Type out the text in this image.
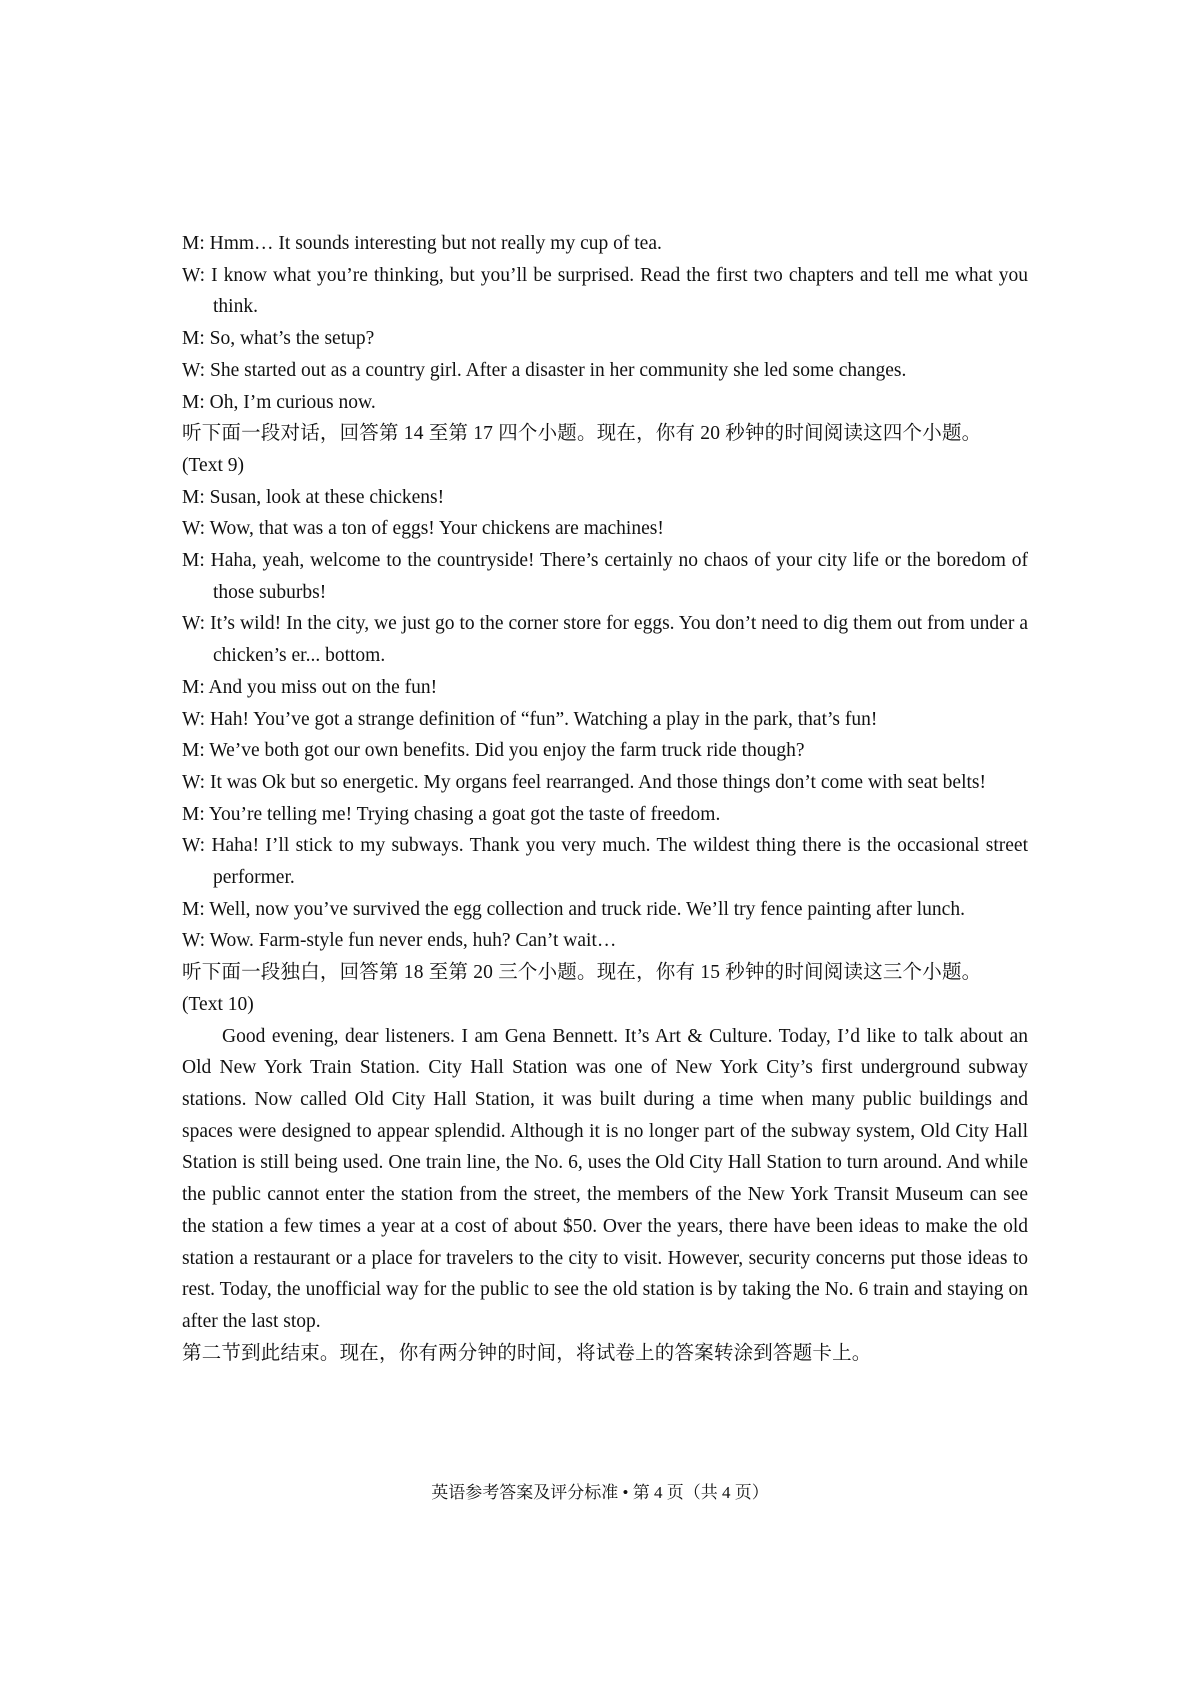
M: Hmm… It sounds interesting but not really my cup of tea.

W: I know what you’re thinking, but you’ll be surprised. Read the first two chapters and tell me what you think.

M: So, what’s the setup?

W: She started out as a country girl. After a disaster in her community she led some changes.

M: Oh, I’m curious now.

听下面一段对话，回答第 14 至第 17 四个小题。现在，你有 20 秒钟的时间阅读这四个小题。

(Text 9)

M: Susan, look at these chickens!

W: Wow, that was a ton of eggs! Your chickens are machines!

M: Haha, yeah, welcome to the countryside! There’s certainly no chaos of your city life or the boredom of those suburbs!

W: It’s wild! In the city, we just go to the corner store for eggs. You don’t need to dig them out from under a chicken’s er... bottom.

M: And you miss out on the fun!

W: Hah! You’ve got a strange definition of “fun”. Watching a play in the park, that’s fun!

M: We’ve both got our own benefits. Did you enjoy the farm truck ride though?

W: It was Ok but so energetic. My organs feel rearranged. And those things don’t come with seat belts!

M: You’re telling me! Trying chasing a goat got the taste of freedom.

W: Haha! I’ll stick to my subways. Thank you very much. The wildest thing there is the occasional street performer.

M: Well, now you’ve survived the egg collection and truck ride. We’ll try fence painting after lunch.

W: Wow. Farm-style fun never ends, huh? Can’t wait…

听下面一段独白，回答第 18 至第 20 三个小题。现在，你有 15 秒钟的时间阅读这三个小题。

(Text 10)

Good evening, dear listeners. I am Gena Bennett. It’s Art & Culture. Today, I’d like to talk about an Old New York Train Station. City Hall Station was one of New York City’s first underground subway stations. Now called Old City Hall Station, it was built during a time when many public buildings and spaces were designed to appear splendid. Although it is no longer part of the subway system, Old City Hall Station is still being used. One train line, the No. 6, uses the Old City Hall Station to turn around. And while the public cannot enter the station from the street, the members of the New York Transit Museum can see the station a few times a year at a cost of about $50. Over the years, there have been ideas to make the old station a restaurant or a place for travelers to the city to visit. However, security concerns put those ideas to rest. Today, the unofficial way for the public to see the old station is by taking the No. 6 train and staying on after the last stop.

第二节到此结束。现在，你有两分钟的时间，将试卷上的答案转涂到答题卡上。

英语参考答案及评分标准 • 第 4 页（共 4 页）
